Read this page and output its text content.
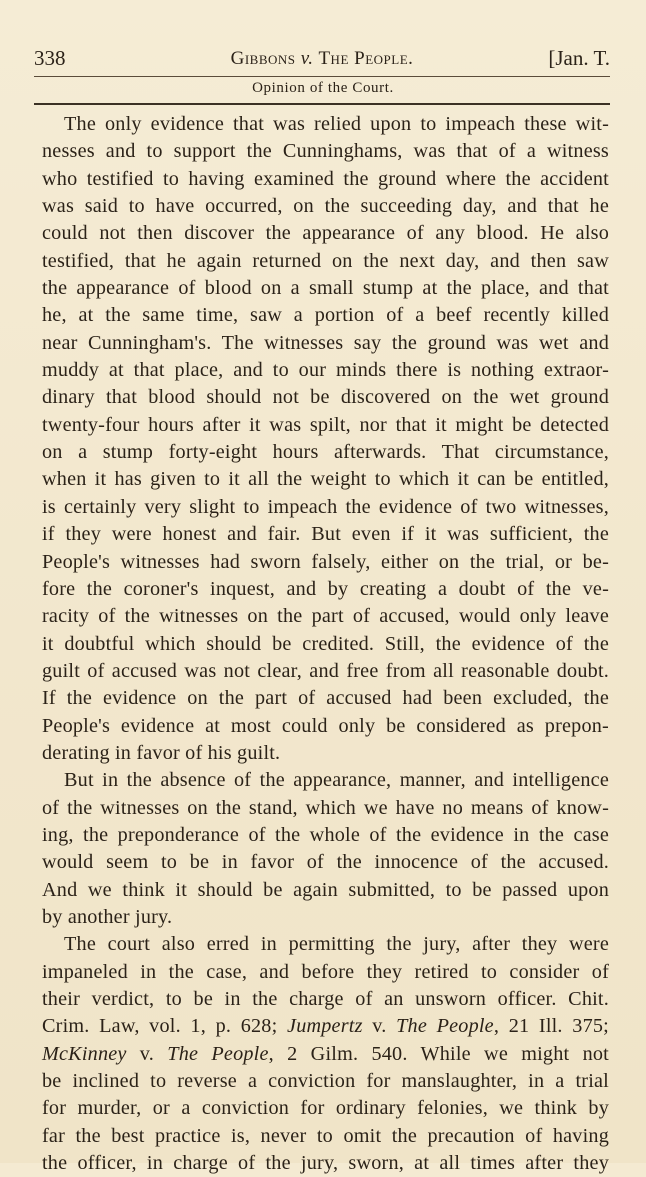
338	Gibbons v. The People.	[Jan. T.
Opinion of the Court.
The only evidence that was relied upon to impeach these wit-
nesses and to support the Cunninghams, was that of a witness
who testified to having examined the ground where the accident
was said to have occurred, on the succeeding day, and that he
could not then discover the appearance of any blood. He also
testified, that he again returned on the next day, and then saw
the appearance of blood on a small stump at the place, and that
he, at the same time, saw a portion of a beef recently killed
near Cunningham's. The witnesses say the ground was wet and
muddy at that place, and to our minds there is nothing extraor-
dinary that blood should not be discovered on the wet ground
twenty-four hours after it was spilt, nor that it might be detected
on a stump forty-eight hours afterwards. That circumstance,
when it has given to it all the weight to which it can be entitled,
is certainly very slight to impeach the evidence of two witnesses,
if they were honest and fair. But even if it was sufficient, the
People's witnesses had sworn falsely, either on the trial, or be-
fore the coroner's inquest, and by creating a doubt of the ve-
racity of the witnesses on the part of accused, would only leave
it doubtful which should be credited. Still, the evidence of the
guilt of accused was not clear, and free from all reasonable doubt.
If the evidence on the part of accused had been excluded, the
People's evidence at most could only be considered as prepon-
derating in favor of his guilt.
But in the absence of the appearance, manner, and intelligence
of the witnesses on the stand, which we have no means of know-
ing, the preponderance of the whole of the evidence in the case
would seem to be in favor of the innocence of the accused.
And we think it should be again submitted, to be passed upon
by another jury.
The court also erred in permitting the jury, after they were
impaneled in the case, and before they retired to consider of
their verdict, to be in the charge of an unsworn officer. Chit.
Crim. Law, vol. 1, p. 628; Jumpertz v. The People, 21 Ill. 375;
McKinney v. The People, 2 Gilm. 540. While we might not
be inclined to reverse a conviction for manslaughter, in a trial
for murder, or a conviction for ordinary felonies, we think by
far the best practice is, never to omit the precaution of having
the officer, in charge of the jury, sworn, at all times after they
